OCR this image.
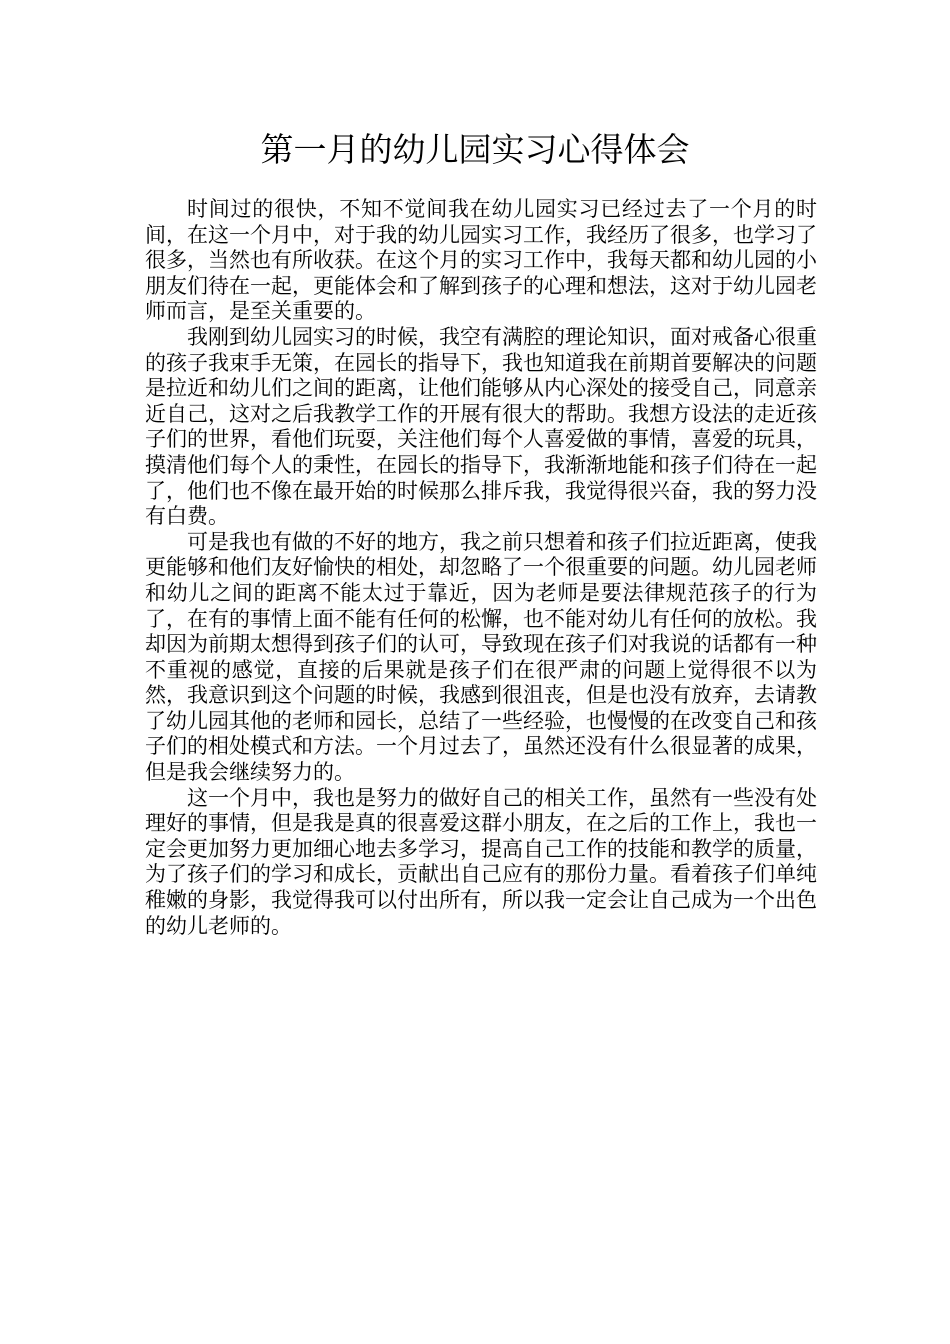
第一月的幼儿园实习心得体会

时间过的很快，不知不觉间我在幼儿园实习已经过去了一个月的时间，在这一个月中，对于我的幼儿园实习工作，我经历了很多，也学习了很多，当然也有所收获。在这个月的实习工作中，我每天都和幼儿园的小朋友们待在一起，更能体会和了解到孩子的心理和想法，这对于幼儿园老师而言，是至关重要的。

我刚到幼儿园实习的时候，我空有满腔的理论知识，面对戒备心很重的孩子我束手无策，在园长的指导下，我也知道我在前期首要解决的问题是拉近和幼儿们之间的距离，让他们能够从内心深处的接受自己，同意亲近自己，这对之后我教学工作的开展有很大的帮助。我想方设法的走近孩子们的世界，看他们玩耍，关注他们每个人喜爱做的事情，喜爱的玩具，摸清他们每个人的秉性，在园长的指导下，我渐渐地能和孩子们待在一起了，他们也不像在最开始的时候那么排斥我，我觉得很兴奋，我的努力没有白费。

可是我也有做的不好的地方，我之前只想着和孩子们拉近距离，使我更能够和他们友好愉快的相处，却忽略了一个很重要的问题。幼儿园老师和幼儿之间的距离不能太过于靠近，因为老师是要法律规范孩子的行为了，在有的事情上面不能有任何的松懈，也不能对幼儿有任何的放松。我却因为前期太想得到孩子们的认可，导致现在孩子们对我说的话都有一种不重视的感觉，直接的后果就是孩子们在很严肃的问题上觉得很不以为然，我意识到这个问题的时候，我感到很沮丧，但是也没有放弃，去请教了幼儿园其他的老师和园长，总结了一些经验，也慢慢的在改变自己和孩子们的相处模式和方法。一个月过去了，虽然还没有什么很显著的成果，但是我会继续努力的。

这一个月中，我也是努力的做好自己的相关工作，虽然有一些没有处理好的事情，但是我是真的很喜爱这群小朋友，在之后的工作上，我也一定会更加努力更加细心地去多学习，提高自己工作的技能和教学的质量，为了孩子们的学习和成长，贡献出自己应有的那份力量。看着孩子们单纯稚嫩的身影，我觉得我可以付出所有，所以我一定会让自己成为一个出色的幼儿老师的。
